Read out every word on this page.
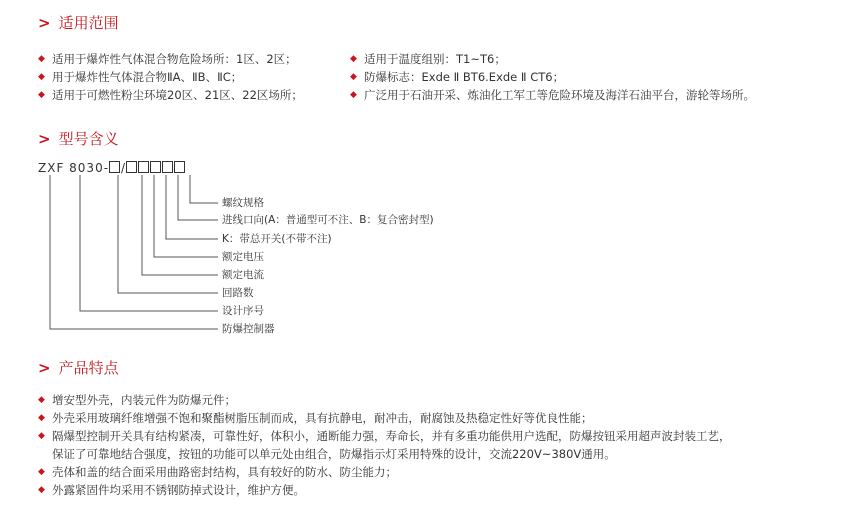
> 适用范围
◆ 适用于爆炸性气体混合物危险场所：1区、2区；
◆ 用于爆炸性气体混合物ⅡA、ⅡB、ⅡC；
◆ 适用于可燃性粉尘环境20区、21区、22区场所；
◆ 适用于温度组别：T1~T6；
◆ 防爆标志：Exde Ⅱ BT6.Exde Ⅱ CT6；
◆ 广泛用于石油开采、炼油化工军工等危险环境及海洋石油平台，游轮等场所。
> 型号含义
ZXF 8030- /
螺纹规格
进线口向(A：普通型可不注、B：复合密封型)
K：带总开关(不带不注)
额定电压
额定电流
回路数
设计序号
防爆控制器
> 产品特点
◆ 增安型外壳，内装元件为防爆元件；
◆ 外壳采用玻璃纤维增强不饱和聚酯树脂压制而成，具有抗静电，耐冲击，耐腐蚀及热稳定性好等优良性能；
◆ 隔爆型控制开关具有结构紧凑，可靠性好，体积小，通断能力强，寿命长，并有多重功能供用户选配，防爆按钮采用超声波封装工艺，
保证了可靠地结合强度，按钮的功能可以单元处由组合，防爆指示灯采用特殊的设计，交流220V~380V通用。
◆ 壳体和盖的结合面采用曲路密封结构，具有较好的防水、防尘能力；
◆ 外露紧固件均采用不锈钢防掉式设计，维护方便。
